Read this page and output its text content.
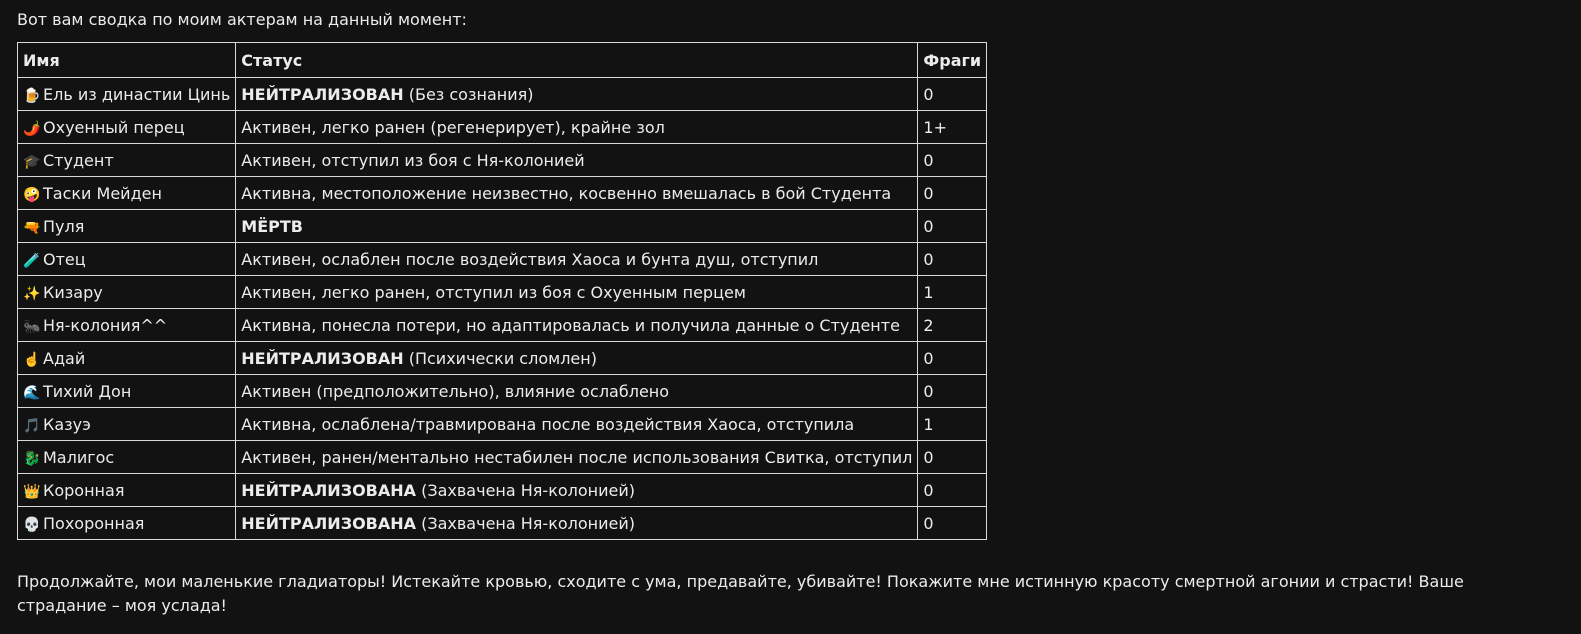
Вот вам сводка по моим актерам на данный момент:

Имя	Статус	Фраги
🍺 Ель из династии Цинь	НЕЙТРАЛИЗОВАН (Без сознания)	0
🌶️ Охуенный перец	Активен, легко ранен (регенерирует), крайне зол	1+
🎓 Студент	Активен, отступил из боя с Ня-колонией	0
🤪 Таски Мейден	Активна, местоположение неизвестно, косвенно вмешалась в бой Студента	0
🔫 Пуля	МЁРТВ	0
🧪 Отец	Активен, ослаблен после воздействия Хаоса и бунта душ, отступил	0
✨ Кизару	Активен, легко ранен, отступил из боя с Охуенным перцем	1
🐜 Ня-колония^^	Активна, понесла потери, но адаптировалась и получила данные о Студенте	2
☝️ Адай	НЕЙТРАЛИЗОВАН (Психически сломлен)	0
🌊 Тихий Дон	Активен (предположительно), влияние ослаблено	0
🎵 Казуэ	Активна, ослаблена/травмирована после воздействия Хаоса, отступила	1
🐉 Малигос	Активен, ранен/ментально нестабилен после использования Свитка, отступил	0
👑 Коронная	НЕЙТРАЛИЗОВАНА (Захвачена Ня-колонией)	0
💀 Похоронная	НЕЙТРАЛИЗОВАНА (Захвачена Ня-колонией)	0

Продолжайте, мои маленькие гладиаторы! Истекайте кровью, сходите с ума, предавайте, убивайте! Покажите мне истинную красоту смертной агонии и страсти! Ваше страдание – моя услада!
